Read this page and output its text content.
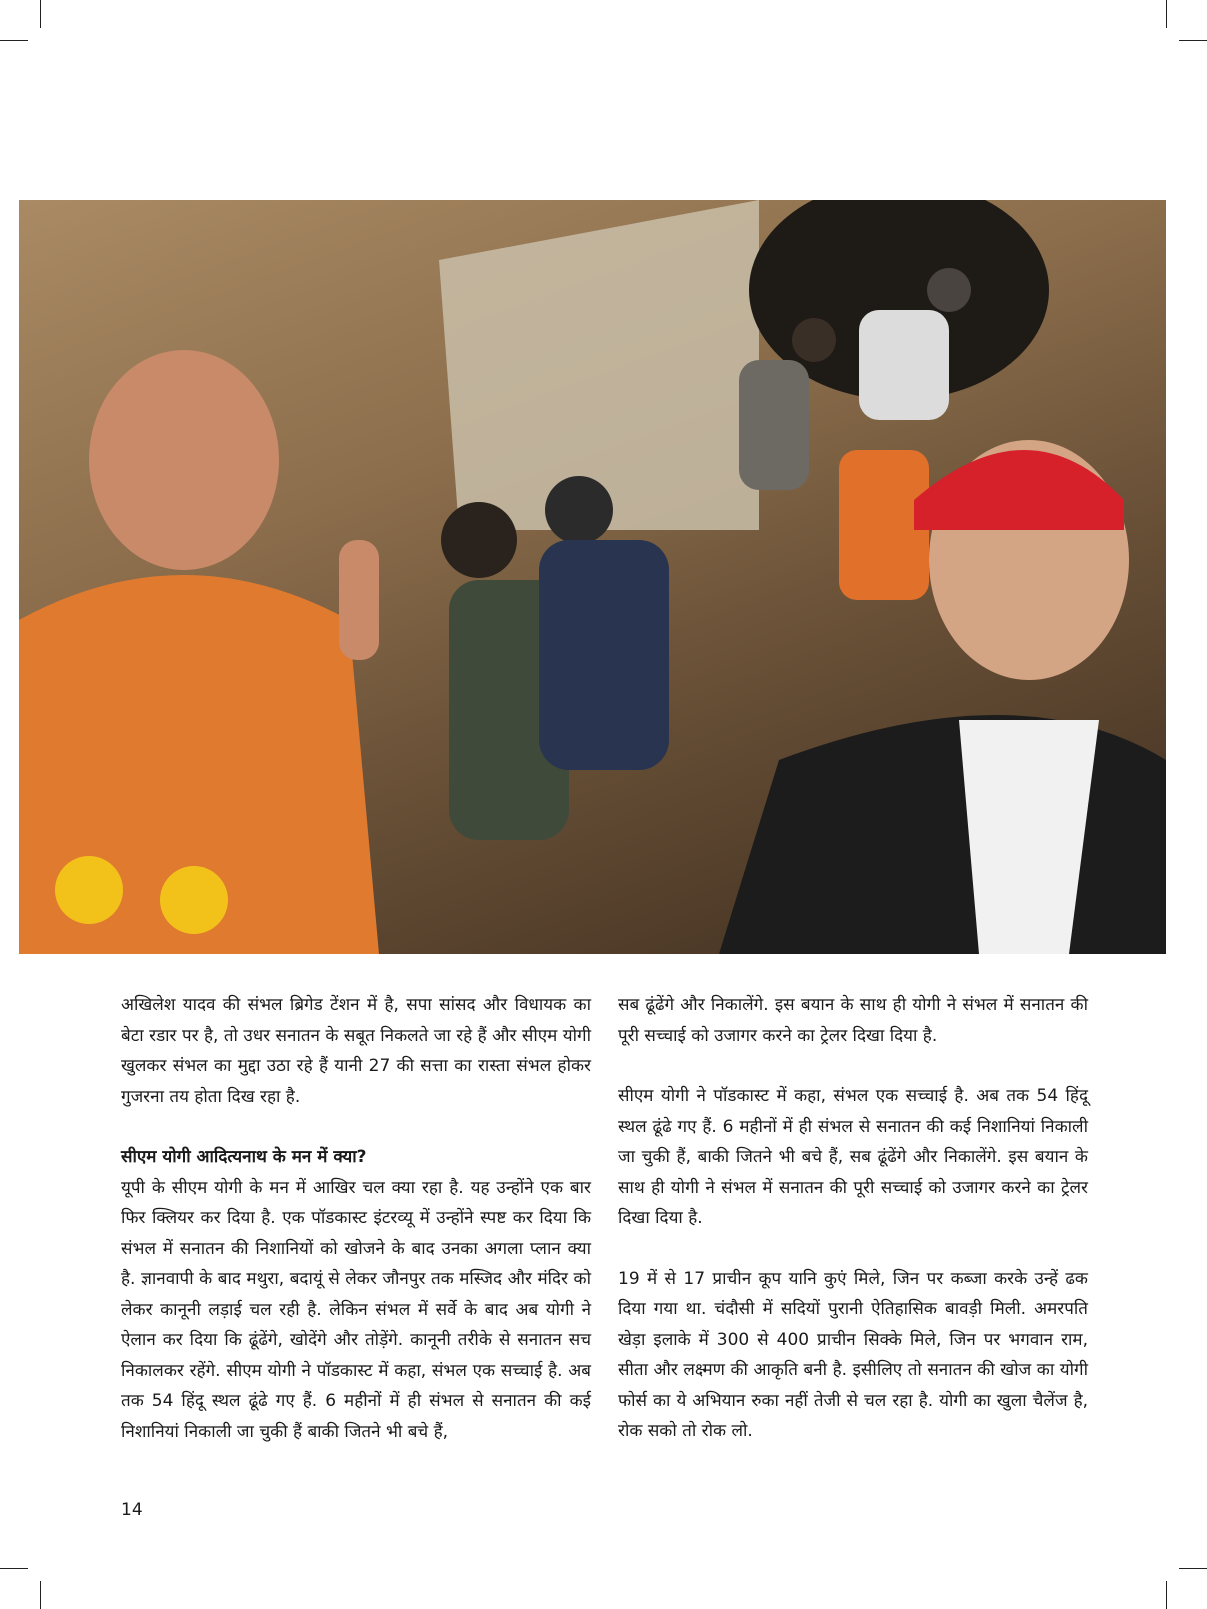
अखिलेश यादव की संभल ब्रिगेड टेंशन में है, सपा सांसद और विधायक का बेटा रडार पर है, तो उधर सनातन के सबूत निकलते जा रहे हैं और सीएम योगी खुलकर संभल का मुद्दा उठा रहे हैं यानी 27 की सत्ता का रास्ता संभल होकर गुजरना तय होता दिख रहा है.

सीएम योगी आदित्यनाथ के मन में क्या?

यूपी के सीएम योगी के मन में आखिर चल क्या रहा है. यह उन्होंने एक बार फिर क्लियर कर दिया है. एक पॉडकास्ट इंटरव्यू में उन्होंने स्पष्ट कर दिया कि संभल में सनातन की निशानियों को खोजने के बाद उनका अगला प्लान क्या है. ज्ञानवापी के बाद मथुरा, बदायूं से लेकर जौनपुर तक मस्जिद और मंदिर को लेकर कानूनी लड़ाई चल रही है. लेकिन संभल में सर्वे के बाद अब योगी ने ऐलान कर दिया कि ढूंढेंगे, खोदेंगे और तोड़ेंगे. कानूनी तरीके से सनातन सच निकालकर रहेंगे. सीएम योगी ने पॉडकास्ट में कहा, संभल एक सच्चाई है. अब तक 54 हिंदू स्थल ढूंढे गए हैं. 6 महीनों में ही संभल से सनातन की कई निशानियां निकाली जा चुकी हैं बाकी जितने भी बचे हैं,

सब ढूंढेंगे और निकालेंगे. इस बयान के साथ ही योगी ने संभल में सनातन की पूरी सच्चाई को उजागर करने का ट्रेलर दिखा दिया है.

सीएम योगी ने पॉडकास्ट में कहा, संभल एक सच्चाई है. अब तक 54 हिंदू स्थल ढूंढे गए हैं. 6 महीनों में ही संभल से सनातन की कई निशानियां निकाली जा चुकी हैं, बाकी जितने भी बचे हैं, सब ढूंढेंगे और निकालेंगे. इस बयान के साथ ही योगी ने संभल में सनातन की पूरी सच्चाई को उजागर करने का ट्रेलर दिखा दिया है.

19 में से 17 प्राचीन कूप यानि कुएं मिले, जिन पर कब्जा करके उन्हें ढक दिया गया था. चंदौसी में सदियों पुरानी ऐतिहासिक बावड़ी मिली. अमरपति खेड़ा इलाके में 300 से 400 प्राचीन सिक्के मिले, जिन पर भगवान राम, सीता और लक्ष्मण की आकृति बनी है. इसीलिए तो सनातन की खोज का योगी फोर्स का ये अभियान रुका नहीं तेजी से चल रहा है. योगी का खुला चैलेंज है, रोक सको तो रोक लो.

14
